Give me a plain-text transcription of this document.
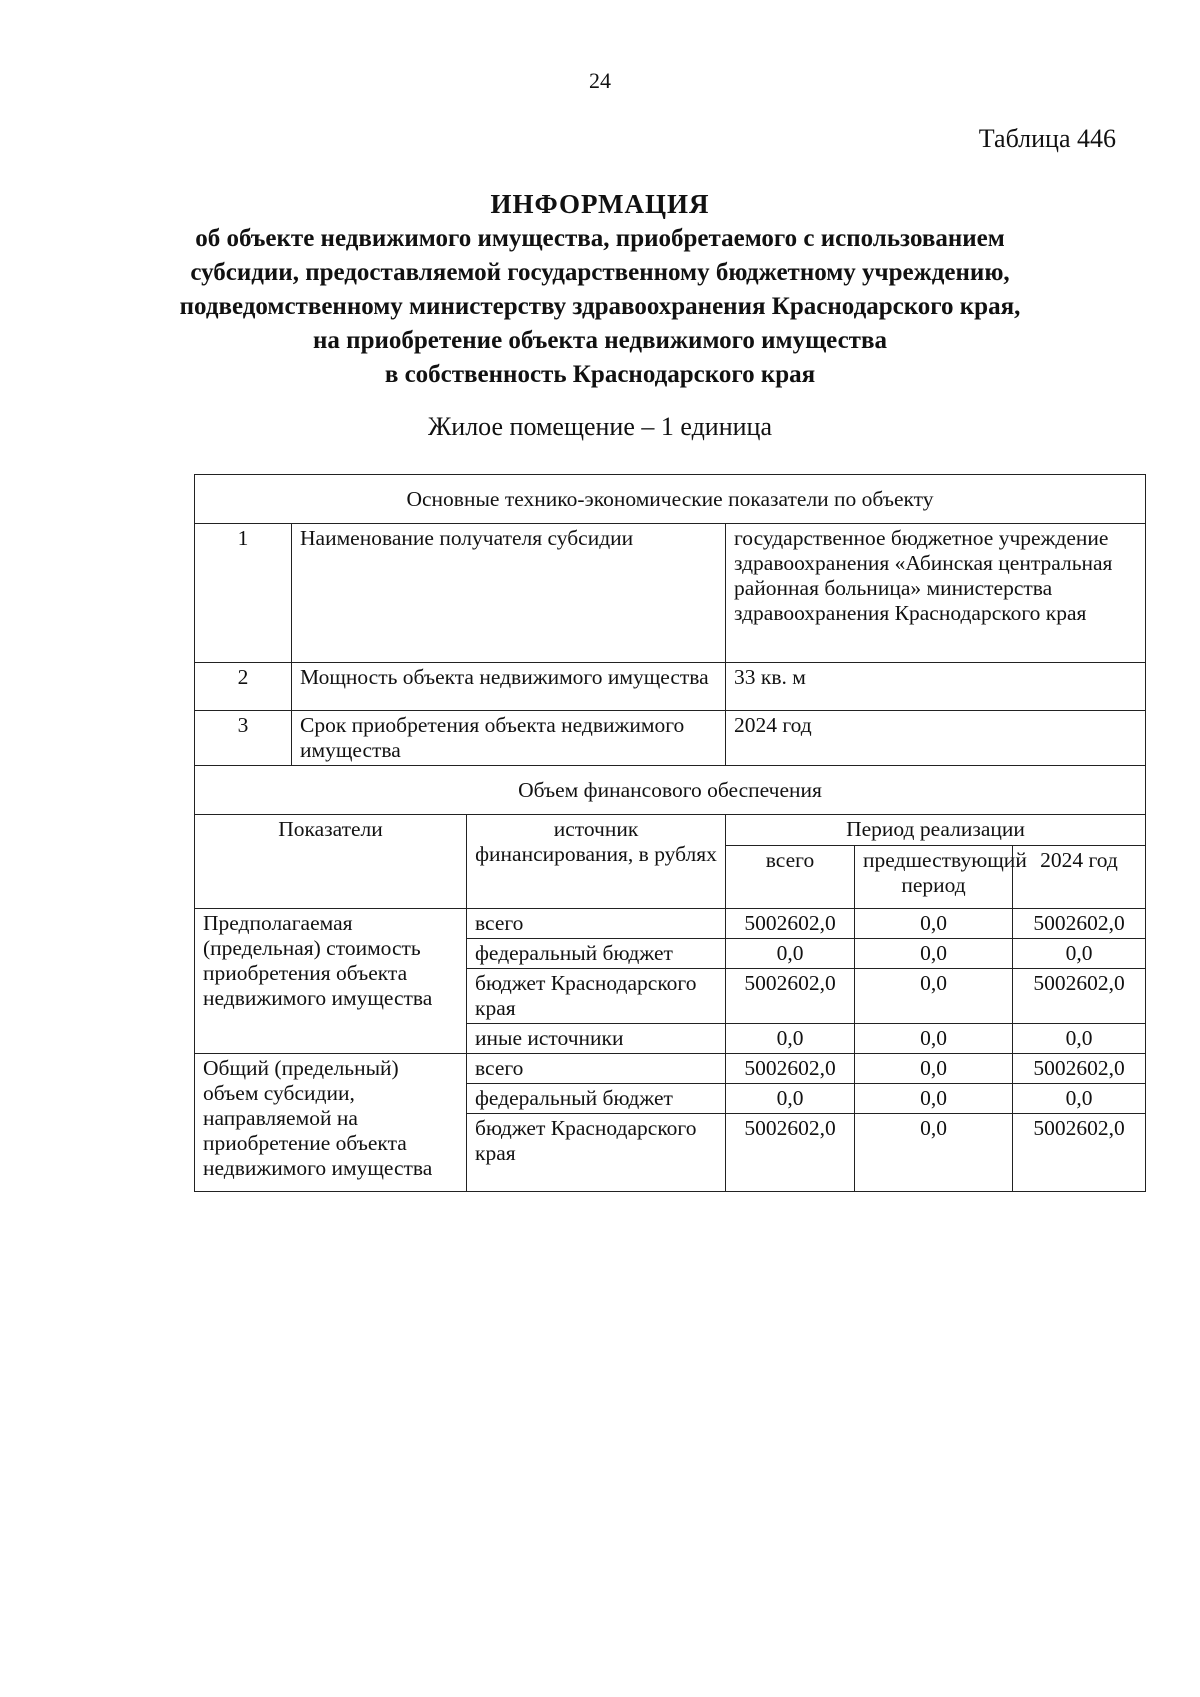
24
Таблица 446
ИНФОРМАЦИЯ
об объекте недвижимого имущества, приобретаемого с использованием
субсидии, предоставляемой государственному бюджетному учреждению,
подведомственному министерству здравоохранения Краснодарского края,
на приобретение объекта недвижимого имущества
в собственность Краснодарского края
Жилое помещение – 1 единица
Основные технико-экономические показатели по объекту					
1	Наименование получателя субсидии		государственное бюджетное учреждение здравоохранения «Абинская центральная районная больница» министерства здравоохранения Краснодарского края		
2	Мощность объекта недвижимого имущества		33 кв. м		
3	Срок приобретения объекта недвижимого имущества		2024 год		
Объем финансового обеспечения					
Показатели		источник финансирования, в рублях	Период реализации		
			всего	предшествующий период	2024 год
Предполагаемая (предельная) стоимость приобретения объекта недвижимого имущества		всего	5002602,0	0,0	5002602,0
		федеральный бюджет	0,0	0,0	0,0
		бюджет Краснодарского края	5002602,0	0,0	5002602,0
		иные источники	0,0	0,0	0,0
Общий (предельный) объем субсидии, направляемой на приобретение объекта недвижимого имущества		всего	5002602,0	0,0	5002602,0
		федеральный бюджет	0,0	0,0	0,0
		бюджет Краснодарского края	5002602,0	0,0	5002602,0
